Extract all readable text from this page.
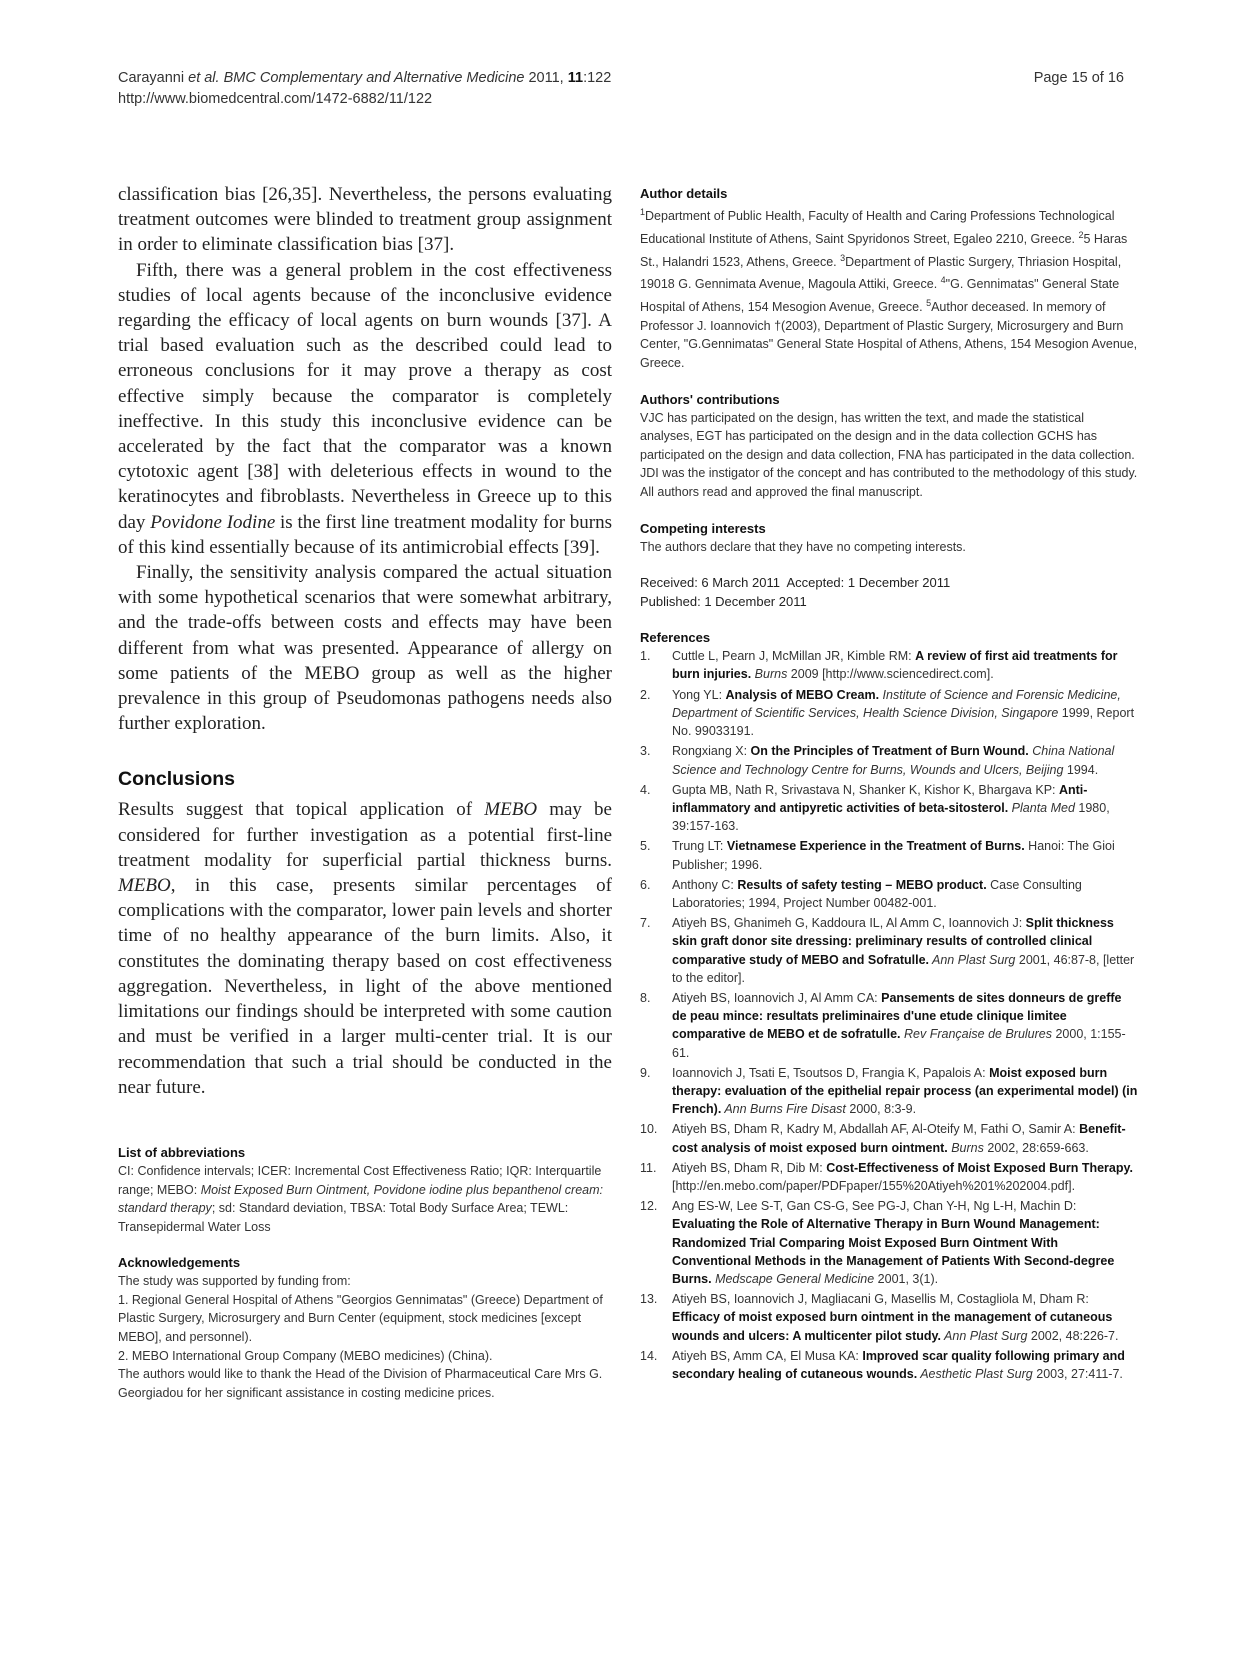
Carayanni et al. BMC Complementary and Alternative Medicine 2011, 11:122
http://www.biomedcentral.com/1472-6882/11/122
Page 15 of 16

classification bias [26,35]. Nevertheless, the persons evaluating treatment outcomes were blinded to treatment group assignment in order to eliminate classification bias [37].

Fifth, there was a general problem in the cost effectiveness studies of local agents because of the inconclusive evidence regarding the efficacy of local agents on burn wounds [37]. A trial based evaluation such as the described could lead to erroneous conclusions for it may prove a therapy as cost effective simply because the comparator is completely ineffective. In this study this inconclusive evidence can be accelerated by the fact that the comparator was a known cytotoxic agent [38] with deleterious effects in wound to the keratinocytes and fibroblasts. Nevertheless in Greece up to this day Povidone Iodine is the first line treatment modality for burns of this kind essentially because of its antimicrobial effects [39].

Finally, the sensitivity analysis compared the actual situation with some hypothetical scenarios that were somewhat arbitrary, and the trade-offs between costs and effects may have been different from what was presented. Appearance of allergy on some patients of the MEBO group as well as the higher prevalence in this group of Pseudomonas pathogens needs also further exploration.

Conclusions

Results suggest that topical application of MEBO may be considered for further investigation as a potential first-line treatment modality for superficial partial thickness burns. MEBO, in this case, presents similar percentages of complications with the comparator, lower pain levels and shorter time of no healthy appearance of the burn limits. Also, it constitutes the dominating therapy based on cost effectiveness aggregation. Nevertheless, in light of the above mentioned limitations our findings should be interpreted with some caution and must be verified in a larger multi-center trial. It is our recommendation that such a trial should be conducted in the near future.

List of abbreviations

CI: Confidence intervals; ICER: Incremental Cost Effectiveness Ratio; IQR: Interquartile range; MEBO: Moist Exposed Burn Ointment, Povidone iodine plus bepanthenol cream: standard therapy; sd: Standard deviation, TBSA: Total Body Surface Area; TEWL: Transepidermal Water Loss

Acknowledgements

The study was supported by funding from:

1. Regional General Hospital of Athens "Georgios Gennimatas" (Greece) Department of Plastic Surgery, Microsurgery and Burn Center (equipment, stock medicines [except MEBO], and personnel).

2. MEBO International Group Company (MEBO medicines) (China).

The authors would like to thank the Head of the Division of Pharmaceutical Care Mrs G. Georgiadou for her significant assistance in costing medicine prices.

Author details

$^1$Department of Public Health, Faculty of Health and Caring Professions Technological Educational Institute of Athens, Saint Spyridonos Street, Egaleo 2210, Greece. $^2$5 Haras St., Halandri 1523, Athens, Greece. $^3$Department of Plastic Surgery, Thriasion Hospital, 19018 G. Gennimata Avenue, Magoula Attiki, Greece. $^4$"G. Gennimatas" General State Hospital of Athens, 154 Mesogion Avenue, Greece. $^5$Author deceased. In memory of Professor J. Ioannovich †(2003), Department of Plastic Surgery, Microsurgery and Burn Center, "G.Gennimatas" General State Hospital of Athens, Athens, 154 Mesogion Avenue, Greece.

Authors' contributions

VJC has participated on the design, has written the text, and made the statistical analyses, EGT has participated on the design and in the data collection GCHS has participated on the design and data collection, FNA has participated in the data collection. JDI was the instigator of the concept and has contributed to the methodology of this study. All authors read and approved the final manuscript.

Competing interests

The authors declare that they have no competing interests.

Received: 6 March 2011  Accepted: 1 December 2011

Published: 1 December 2011

References

1.	Cuttle L, Pearn J, McMillan JR, Kimble RM: A review of first aid treatments for burn injuries. Burns 2009 [http://www.sciencedirect.com].
2.	Yong YL: Analysis of MEBO Cream. Institute of Science and Forensic Medicine, Department of Scientific Services, Health Science Division, Singapore 1999, Report No. 99033191.
3.	Rongxiang X: On the Principles of Treatment of Burn Wound. China National Science and Technology Centre for Burns, Wounds and Ulcers, Beijing 1994.
4.	Gupta MB, Nath R, Srivastava N, Shanker K, Kishor K, Bhargava KP: Anti-inflammatory and antipyretic activities of beta-sitosterol. Planta Med 1980, 39:157-163.
5.	Trung LT: Vietnamese Experience in the Treatment of Burns. Hanoi: The Gioi Publisher; 1996.
6.	Anthony C: Results of safety testing – MEBO product. Case Consulting Laboratories; 1994, Project Number 00482-001.
7.	Atiyeh BS, Ghanimeh G, Kaddoura IL, Al Amm C, Ioannovich J: Split thickness skin graft donor site dressing: preliminary results of controlled clinical comparative study of MEBO and Sofratulle. Ann Plast Surg 2001, 46:87-8, [letter to the editor].
8.	Atiyeh BS, Ioannovich J, Al Amm CA: Pansements de sites donneurs de greffe de peau mince: resultats preliminaires d'une etude clinique limitee comparative de MEBO et de sofratulle. Rev Française de Brulures 2000, 1:155-61.
9.	Ioannovich J, Tsati E, Tsoutsos D, Frangia K, Papalois A: Moist exposed burn therapy: evaluation of the epithelial repair process (an experimental model) (in French). Ann Burns Fire Disast 2000, 8:3-9.
10.	Atiyeh BS, Dham R, Kadry M, Abdallah AF, Al-Oteify M, Fathi O, Samir A: Benefit-cost analysis of moist exposed burn ointment. Burns 2002, 28:659-663.
11.	Atiyeh BS, Dham R, Dib M: Cost-Effectiveness of Moist Exposed Burn Therapy.[http://en.mebo.com/paper/PDFpaper/155%20Atiyeh%201%202004.pdf].
12.	Ang ES-W, Lee S-T, Gan CS-G, See PG-J, Chan Y-H, Ng L-H, Machin D: Evaluating the Role of Alternative Therapy in Burn Wound Management: Randomized Trial Comparing Moist Exposed Burn Ointment With Conventional Methods in the Management of Patients With Second-degree Burns. Medscape General Medicine 2001, 3(1).
13.	Atiyeh BS, Ioannovich J, Magliacani G, Masellis M, Costagliola M, Dham R: Efficacy of moist exposed burn ointment in the management of cutaneous wounds and ulcers: A multicenter pilot study. Ann Plast Surg 2002, 48:226-7.
14.	Atiyeh BS, Amm CA, El Musa KA: Improved scar quality following primary and secondary healing of cutaneous wounds. Aesthetic Plast Surg 2003, 27:411-7.
